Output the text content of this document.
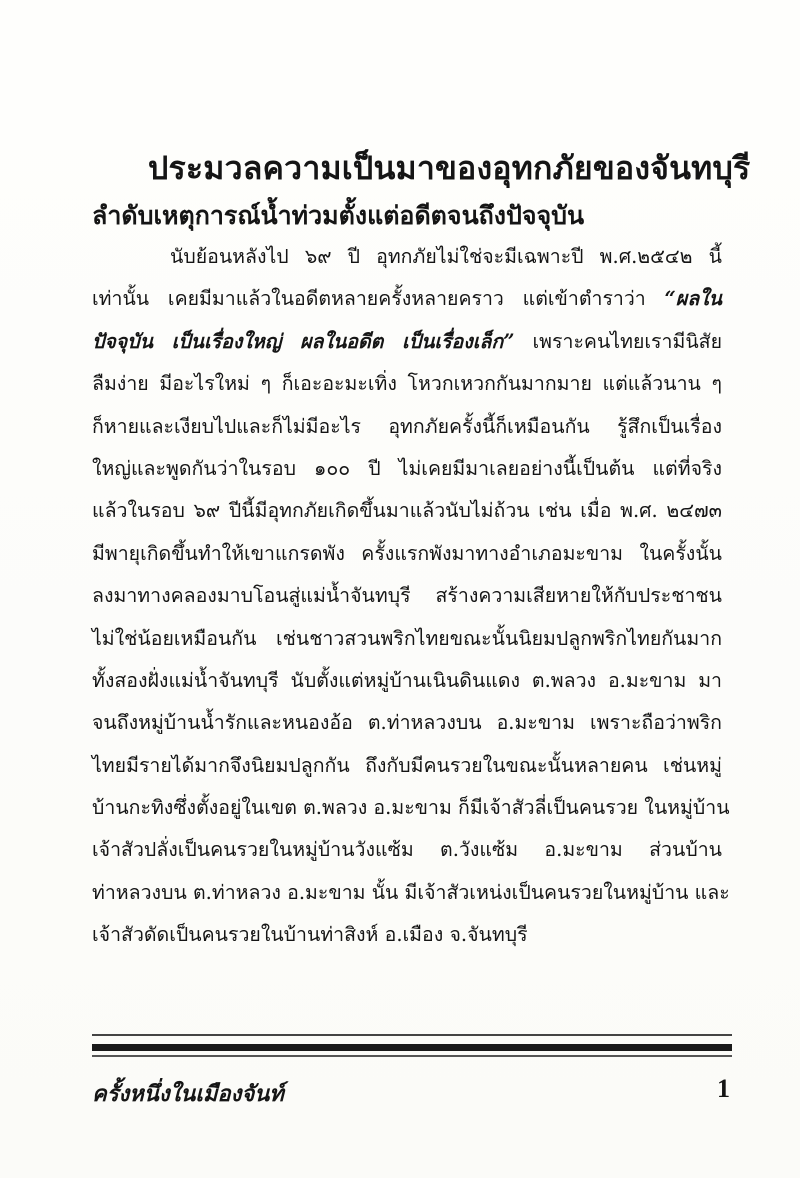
ประมวลความเป็นมาของอุทกภัยของจันทบุรี
ลำดับเหตุการณ์น้ำท่วมตั้งแต่อดีตจนถึงปัจจุบัน
นับย้อนหลังไป ๖๙ ปี อุทกภัยไม่ใช่จะมีเฉพาะปี พ.ศ.๒๕๔๒ นี้
เท่านั้น เคยมีมาแล้วในอดีตหลายครั้งหลายคราว แต่เข้าตำราว่า “ผลใน
ปัจจุบัน เป็นเรื่องใหญ่ ผลในอดีต เป็นเรื่องเล็ก” เพราะคนไทยเรามีนิสัย
ลืมง่าย มีอะไรใหม่ ๆ ก็เอะอะมะเทิ่ง โหวกเหวกกันมากมาย แต่แล้วนาน ๆ
ก็หายและเงียบไปและก็ไม่มีอะไร อุทกภัยครั้งนี้ก็เหมือนกัน รู้สึกเป็นเรื่อง
ใหญ่และพูดกันว่าในรอบ ๑๐๐ ปี ไม่เคยมีมาเลยอย่างนี้เป็นต้น แต่ที่จริง
แล้วในรอบ ๖๙ ปีนี้มีอุทกภัยเกิดขึ้นมาแล้วนับไม่ถ้วน เช่น เมื่อ พ.ศ. ๒๔๗๓
มีพายุเกิดขึ้นทำให้เขาแกรดพัง ครั้งแรกพังมาทางอำเภอมะขาม ในครั้งนั้น
ลงมาทางคลองมาบโอนสู่แม่น้ำจันทบุรี สร้างความเสียหายให้กับประชาชน
ไม่ใช่น้อยเหมือนกัน เช่นชาวสวนพริกไทยขณะนั้นนิยมปลูกพริกไทยกันมาก
ทั้งสองฝั่งแม่น้ำจันทบุรี นับตั้งแต่หมู่บ้านเนินดินแดง ต.พลวง อ.มะขาม มา
จนถึงหมู่บ้านน้ำรักและหนองอ้อ ต.ท่าหลวงบน อ.มะขาม เพราะถือว่าพริก
ไทยมีรายได้มากจึงนิยมปลูกกัน ถึงกับมีคนรวยในขณะนั้นหลายคน เช่นหมู่
บ้านกะทิงซึ่งตั้งอยู่ในเขต ต.พลวง อ.มะขาม ก็มีเจ้าสัวลี่เป็นคนรวย ในหมู่บ้าน
เจ้าสัวปลั่งเป็นคนรวยในหมู่บ้านวังแซ้ม ต.วังแซ้ม อ.มะขาม ส่วนบ้าน
ท่าหลวงบน ต.ท่าหลวง อ.มะขาม นั้น มีเจ้าสัวเหน่งเป็นคนรวยในหมู่บ้าน และ
เจ้าสัวดัดเป็นคนรวยในบ้านท่าสิงห์ อ.เมือง จ.จันทบุรี
ครั้งหนึ่งในเมืองจันท์	1
